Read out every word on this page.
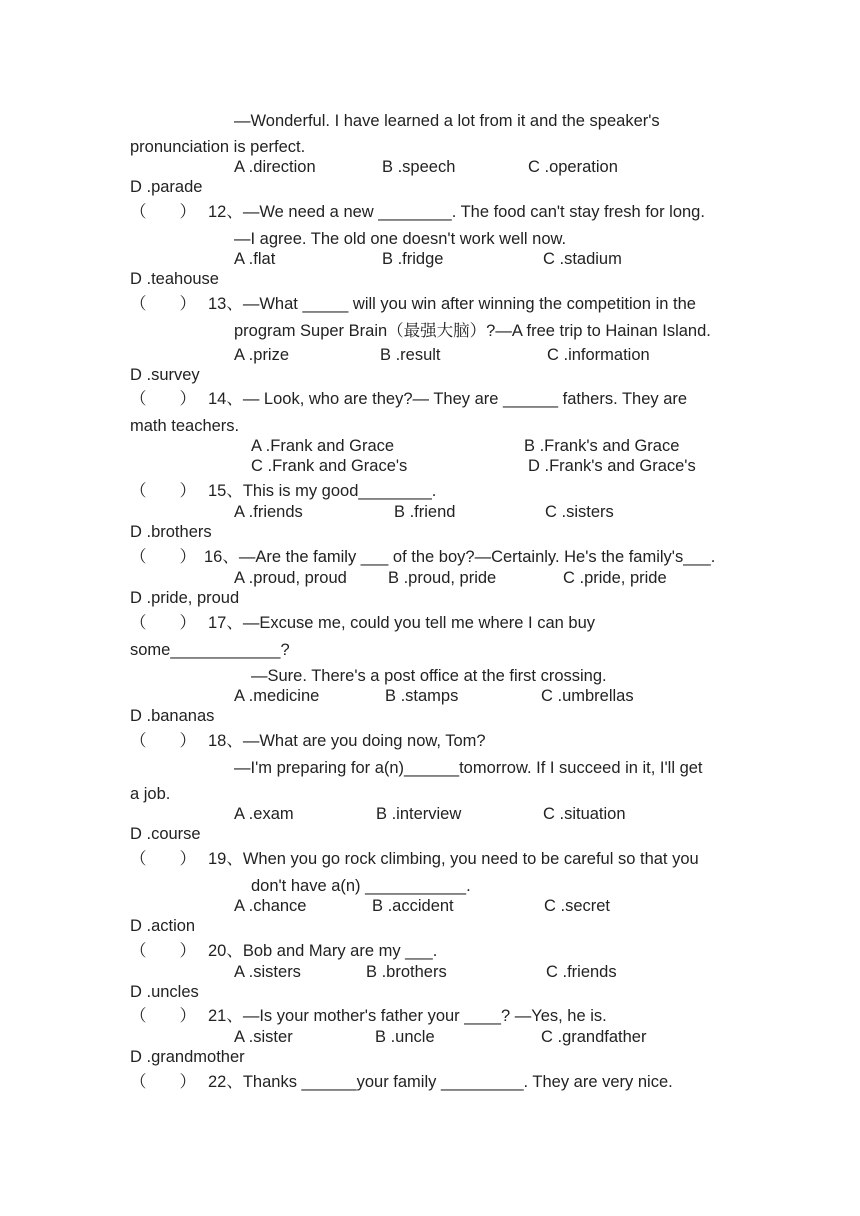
—Wonderful. I have learned a lot from it and the speaker's
pronunciation is perfect.
A .direction	B .speech	C .operation
D .parade
（　　） 12、—We need a new ________. The food can't stay fresh for long.
—I agree. The old one doesn't work well now.
A .flat	B .fridge	C .stadium
D .teahouse
（　　） 13、—What _____ will you win after winning the competition in the
program Super Brain（最强大脑）?—A free trip to Hainan Island.
A .prize	B .result	C .information
D .survey
（　　） 14、— Look, who are they?— They are ______ fathers. They are
math teachers.
A .Frank and Grace	B .Frank's and Grace
C .Frank and Grace's	D .Frank's and Grace's
（　　） 15、This is my good________.
A .friends	B .friend	C .sisters
D .brothers
（　　） 16、—Are the family ___ of the boy?—Certainly. He's the family's___.
A .proud, proud B .proud, pride	C .pride, pride
D .pride, proud
（　　） 17、—Excuse me, could you tell me where I can buy
some____________?
—Sure. There's a post office at the first crossing.
A .medicine	B .stamps	C .umbrellas
D .bananas
（　　） 18、—What are you doing now, Tom?
—I'm preparing for a(n)______tomorrow. If I succeed in it, I'll get
a job.
A .exam	B .interview	C .situation
D .course
（　　） 19、When you go rock climbing, you need to be careful so that you
don't have a(n) ___________.
A .chance	B .accident	C .secret
D .action
（　　） 20、Bob and Mary are my ___.
A .sisters	B .brothers	C .friends
D .uncles
（　　） 21、—Is your mother's father your ____? —Yes, he is.
A .sister	B .uncle	C .grandfather
D .grandmother
（　　） 22、Thanks ______your family _________. They are very nice.
